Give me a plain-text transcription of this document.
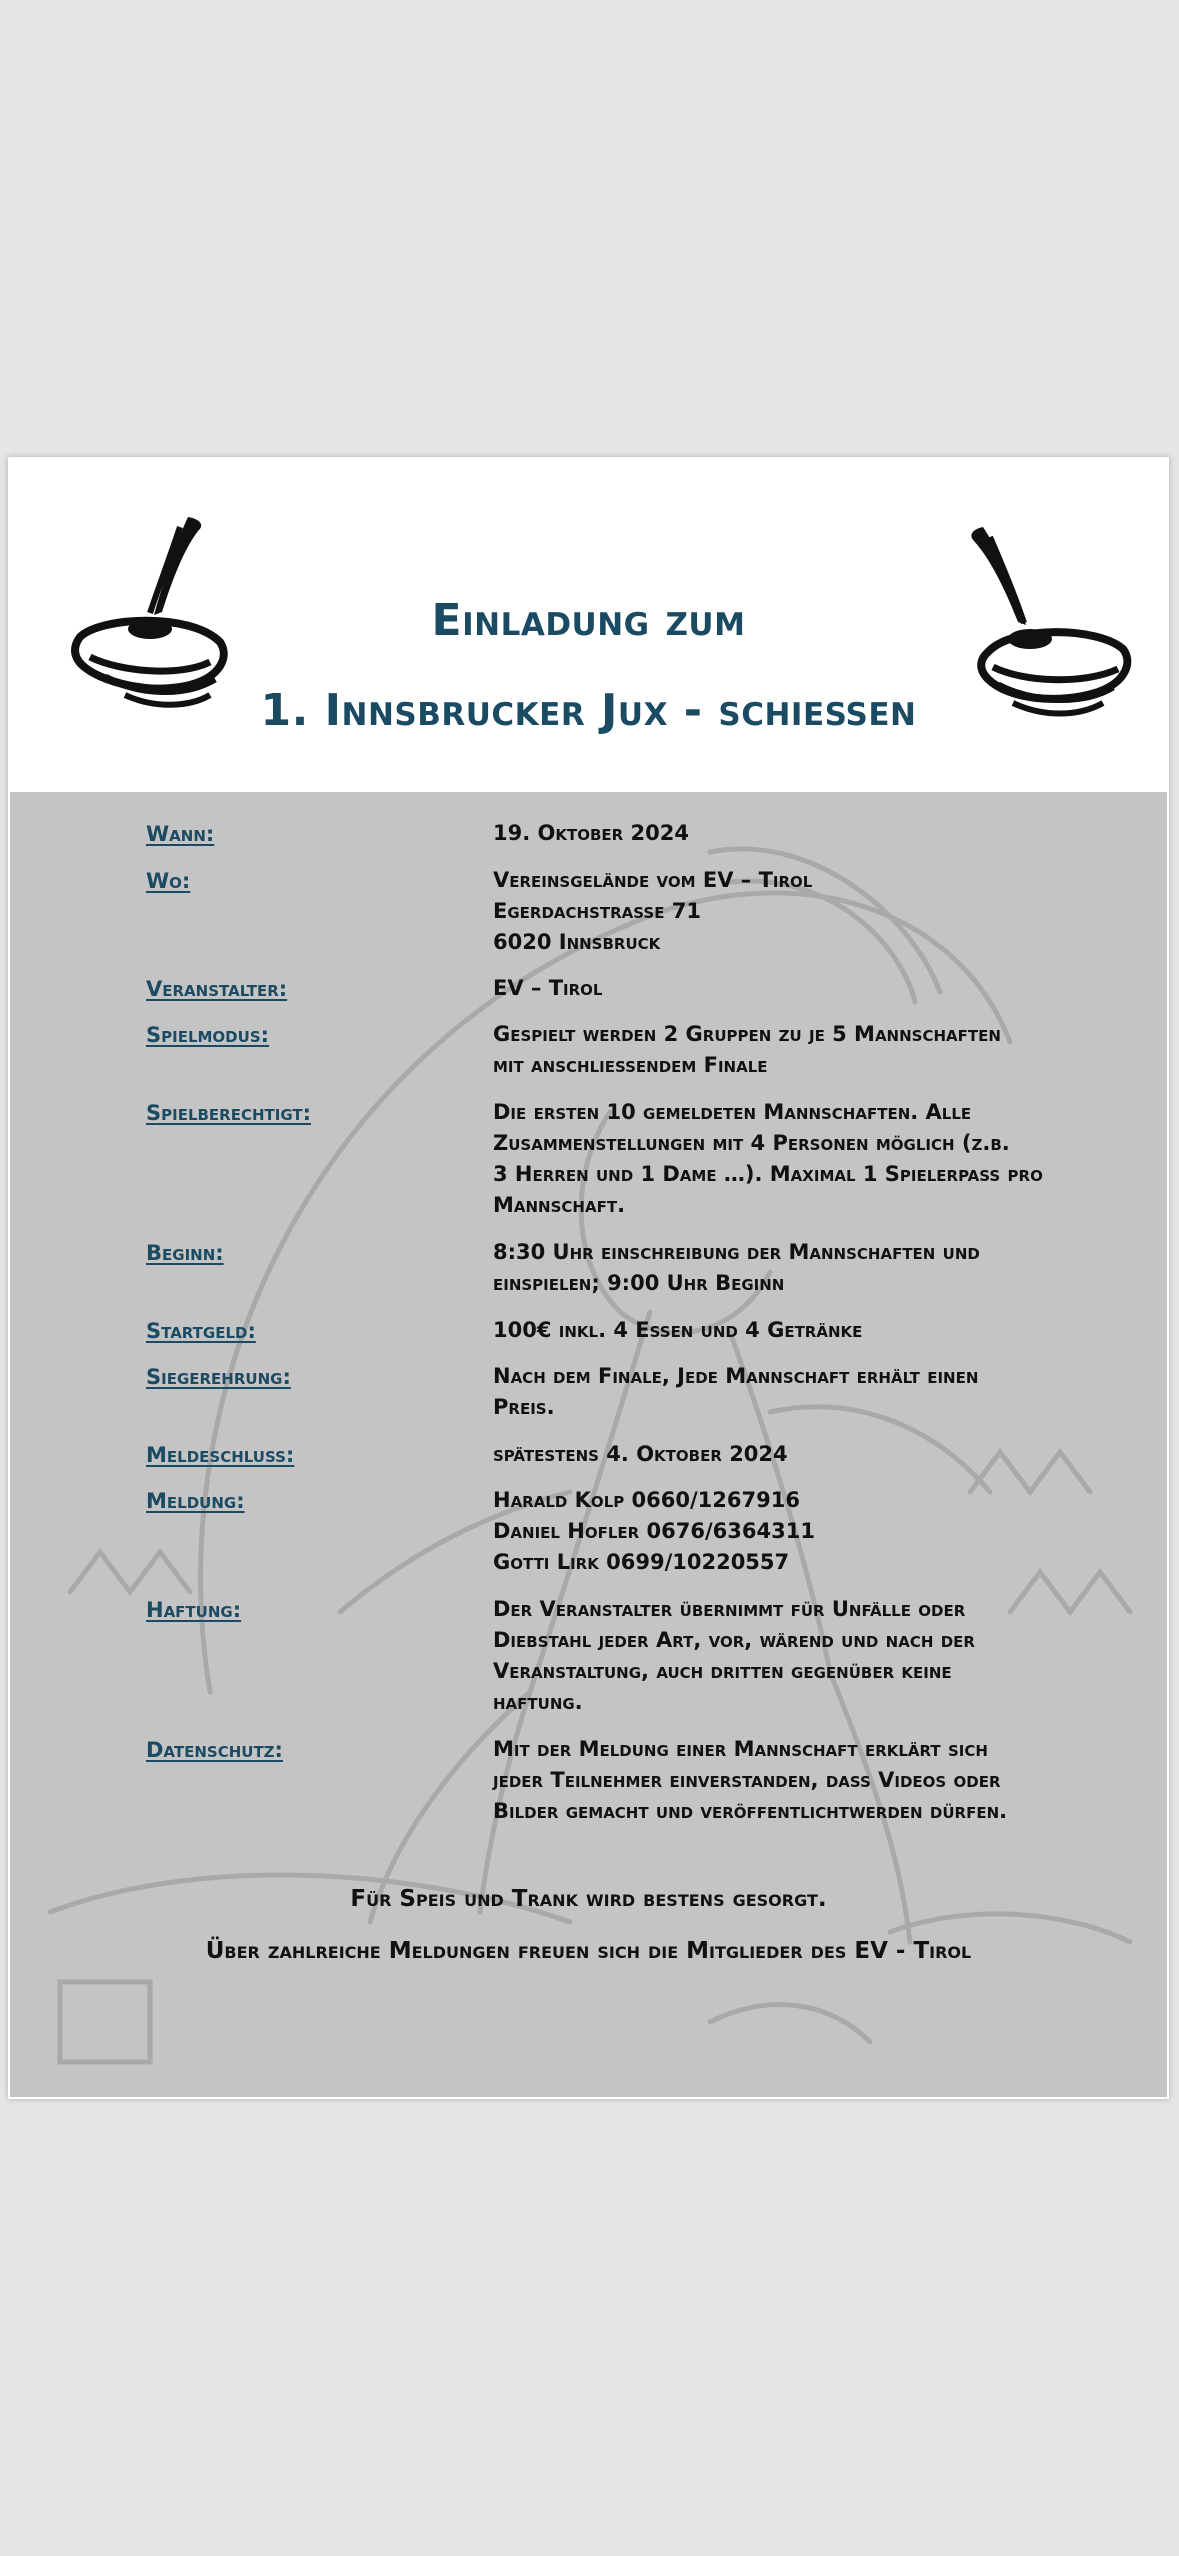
Einladung zum
1. Innsbrucker Jux - schießen
Wann:	19. Oktober 2024
Wo:	Vereinsgelände vom EV – Tirol
Egerdachstraße 71
6020 Innsbruck
Veranstalter:	EV – Tirol
Spielmodus:	Gespielt werden 2 Gruppen zu je 5 Mannschaften
mit anschließendem Finale
Spielberechtigt:	Die ersten 10 gemeldeten Mannschaften. Alle
Zusammenstellungen mit 4 Personen möglich (z.b.
3 Herren und 1 Dame …). Maximal 1 Spielerpass pro
Mannschaft.
Beginn:	8:30 Uhr einschreibung der Mannschaften und
einspielen; 9:00 Uhr Beginn
Startgeld:	100€ inkl. 4 Essen und 4 Getränke
Siegerehrung:	Nach dem Finale, Jede Mannschaft erhält einen
Preis.
Meldeschluss:	spätestens 4. Oktober 2024
Meldung:	Harald Kolp 0660/1267916
Daniel Hofler 0676/6364311
Gotti Lirk 0699/10220557
Haftung:	Der Veranstalter übernimmt für Unfälle oder
Diebstahl jeder Art, vor, wärend und nach der
Veranstaltung, auch dritten gegenüber keine
haftung.
Datenschutz:	Mit der Meldung einer Mannschaft erklärt sich
jeder Teilnehmer einverstanden, dass Videos oder
Bilder gemacht und veröffentlichtwerden dürfen.
Für Speis und Trank wird bestens gesorgt.
Über zahlreiche Meldungen freuen sich die Mitglieder des EV - Tirol
